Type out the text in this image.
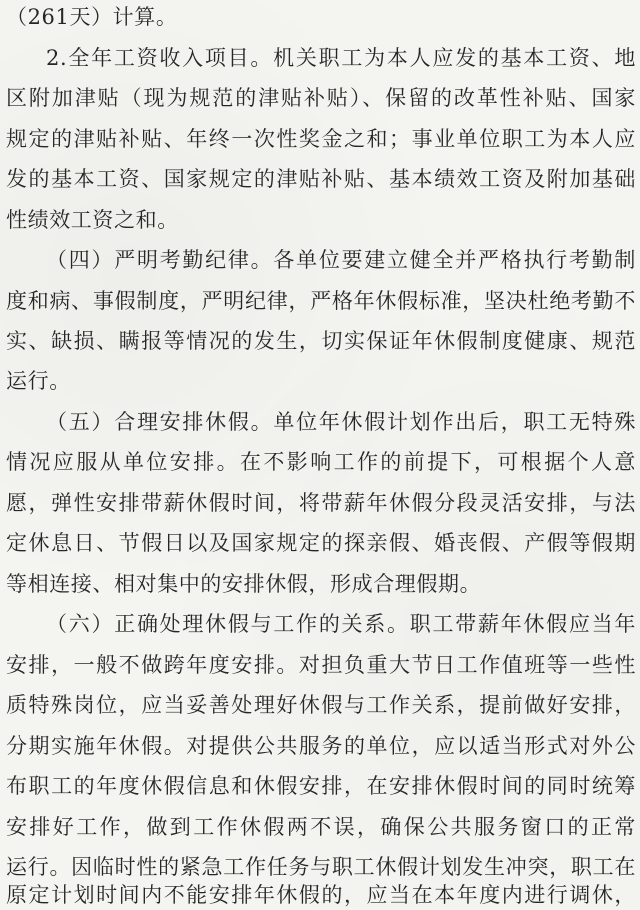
（261天）计算。
2.全年工资收入项目。机关职工为本人应发的基本工资、地
区附加津贴（现为规范的津贴补贴）、保留的改革性补贴、国家
规定的津贴补贴、年终一次性奖金之和；事业单位职工为本人应
发的基本工资、国家规定的津贴补贴、基本绩效工资及附加基础
性绩效工资之和。
（四）严明考勤纪律。各单位要建立健全并严格执行考勤制
度和病、事假制度，严明纪律，严格年休假标准，坚决杜绝考勤不
实、缺损、瞒报等情况的发生，切实保证年休假制度健康、规范
运行。
（五）合理安排休假。单位年休假计划作出后，职工无特殊
情况应服从单位安排。在不影响工作的前提下，可根据个人意
愿，弹性安排带薪休假时间，将带薪年休假分段灵活安排，与法
定休息日、节假日以及国家规定的探亲假、婚丧假、产假等假期
等相连接、相对集中的安排休假，形成合理假期。
（六）正确处理休假与工作的关系。职工带薪年休假应当年
安排，一般不做跨年度安排。对担负重大节日工作值班等一些性
质特殊岗位，应当妥善处理好休假与工作关系，提前做好安排，
分期实施年休假。对提供公共服务的单位，应以适当形式对外公
布职工的年度休假信息和休假安排，在安排休假时间的同时统筹
安排好工作，做到工作休假两不误，确保公共服务窗口的正常
运行。因临时性的紧急工作任务与职工休假计划发生冲突，职工在
原定计划时间内不能安排年休假的，应当在本年度内进行调休，
